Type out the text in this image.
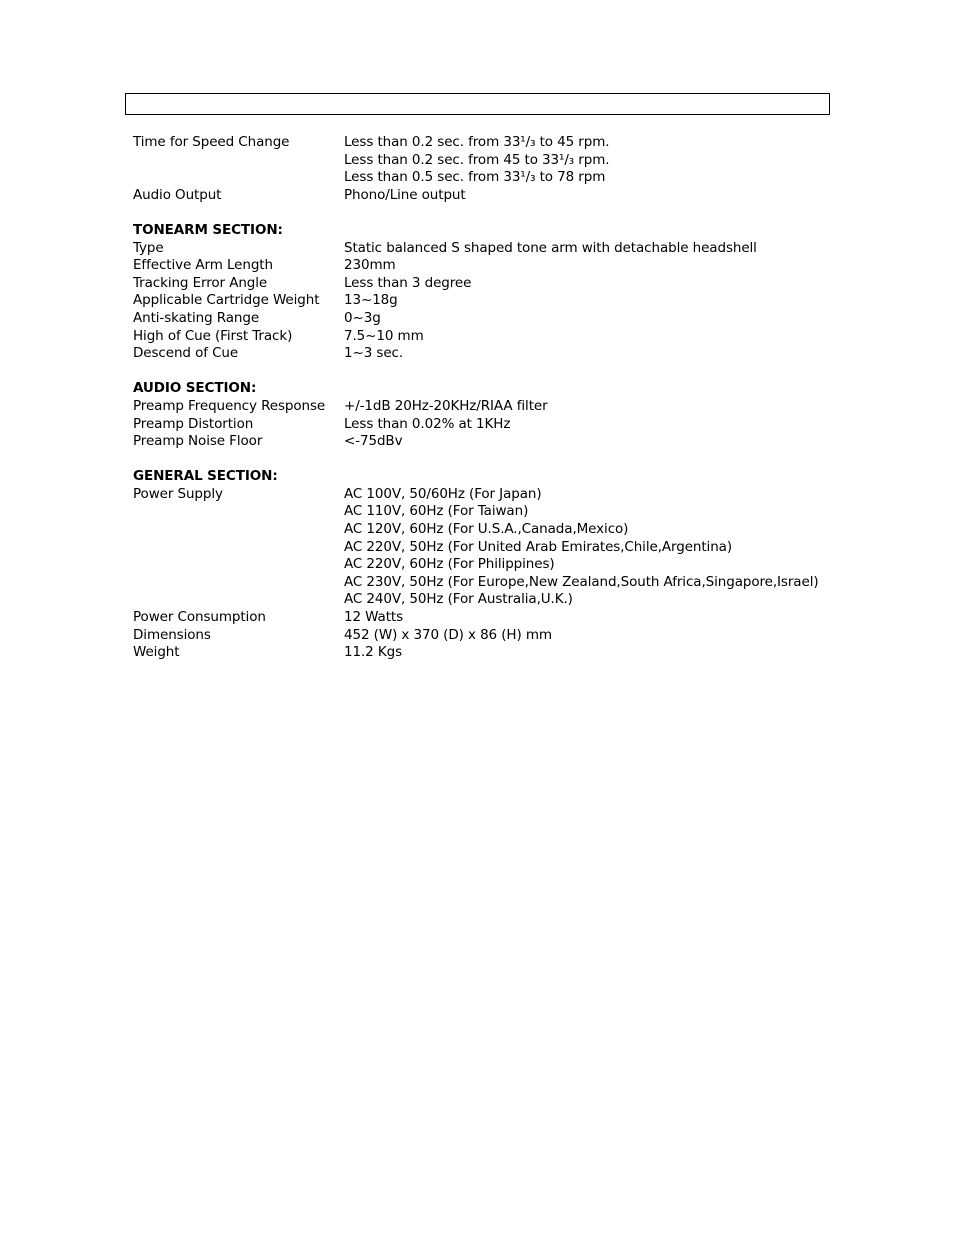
Time for Speed Change	Less than 0.2 sec. from 33¹/₃ to 45 rpm.
Less than 0.2 sec. from 45 to 33¹/₃ rpm.
Less than 0.5 sec. from 33¹/₃ to 78 rpm
Audio Output	Phono/Line output
TONEARM SECTION:
Type	Static balanced S shaped tone arm with detachable headshell
Effective Arm Length	230mm
Tracking Error Angle	Less than 3 degree
Applicable Cartridge Weight	13~18g
Anti-skating Range	0~3g
High of Cue (First Track)	7.5~10 mm
Descend of Cue	1~3 sec.
AUDIO SECTION:
Preamp Frequency Response	+/-1dB 20Hz-20KHz/RIAA filter
Preamp Distortion	Less than 0.02% at 1KHz
Preamp Noise Floor	<-75dBv
GENERAL SECTION:
Power Supply	AC 100V, 50/60Hz (For Japan)
AC 110V, 60Hz (For Taiwan)
AC 120V, 60Hz (For U.S.A.,Canada,Mexico)
AC 220V, 50Hz (For United Arab Emirates,Chile,Argentina)
AC 220V, 60Hz (For Philippines)
AC 230V, 50Hz (For Europe,New Zealand,South Africa,Singapore,Israel)
AC 240V, 50Hz (For Australia,U.K.)
Power Consumption	12 Watts
Dimensions	452 (W) x 370 (D) x 86 (H) mm
Weight	11.2 Kgs
